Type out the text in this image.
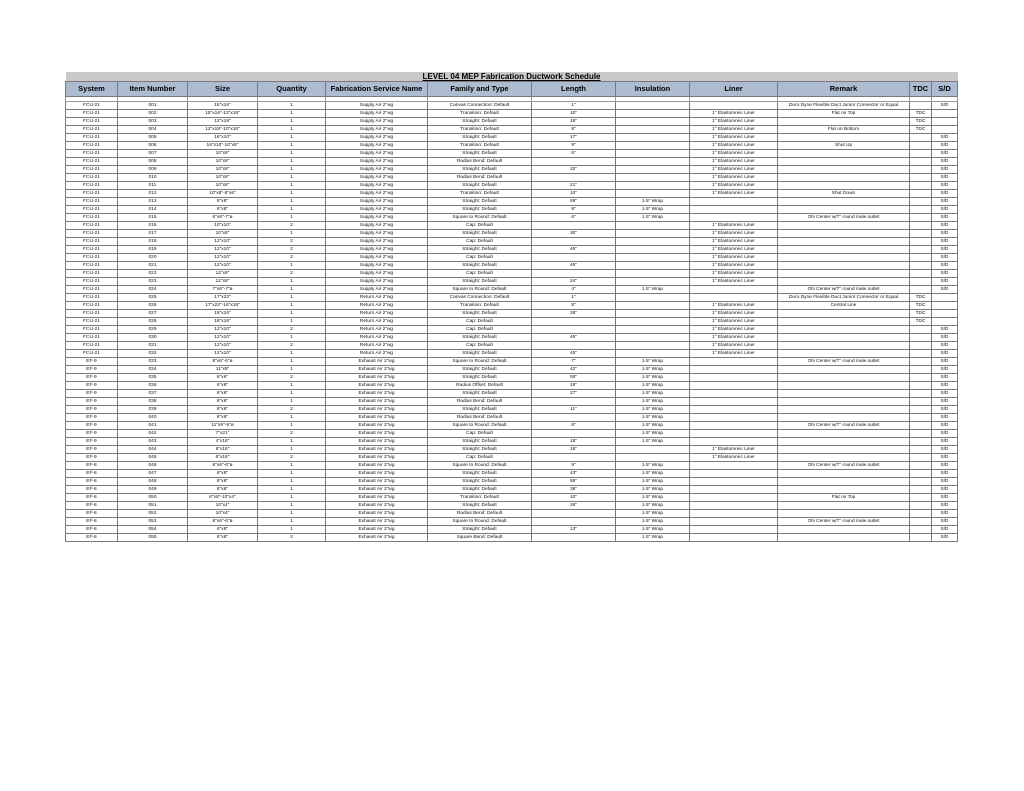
LEVEL 04 MEP Fabrication Ductwork Schedule											
System	Item Number	Size	Quantity	Fabrication Service Name	Family and Type	Length	Insulation	Liner	Remark	TDC	S/D

FCU-21	001	15"x16"	1	Supply Air 2"wg	Canvas Connection: Default	1"			Duro Dyne Flexible Duct Junior Connector or Equal		S/D
FCU-21	002	15"x16"-12"x18"	1	Supply Air 2"wg	Transition: Default	10"		1" Elastomreic Liner	Flat on Top	TDC	
FCU-21	003	12"x18"	1	Supply Air 2"wg	Straight: Default	16"		1" Elastomreic Liner		TDC	
FCU-21	004	12"x18"-10"x16"	1	Supply Air 2"wg	Transition: Default	8"		1" Elastomreic Liner	Flat on Bottom	TDC	
FCU-21	005	16"x10"	1	Supply Air 2"wg	Straight: Default	17"		1" Elastomreic Liner			S/D
FCU-21	006	16"x10"-10"x8"	1	Supply Air 2"wg	Transition: Default	9"		1" Elastomreic Liner	Shut Up		S/D
FCU-21	007	10"x8"	1	Supply Air 2"wg	Straight: Default	5"		1" Elastomreic Liner			S/D
FCU-21	008	10"x8"	1	Supply Air 2"wg	Radius Bend: Default			1" Elastomreic Liner			S/D
FCU-21	009	10"x8"	1	Supply Air 2"wg	Straight: Default	32"		1" Elastomreic Liner			S/D
FCU-21	010	10"x8"	1	Supply Air 2"wg	Radius Bend: Default			1" Elastomreic Liner			S/D
FCU-21	011	10"x8"	1	Supply Air 2"wg	Straight: Default	21"		1" Elastomreic Liner			S/D
FCU-21	012	10"x8"-8"x6"	1	Supply Air 2"wg	Transition: Default	10"		1" Elastomreic Liner	Shut Down		S/D
FCU-21	013	6"x8"	1	Supply Air 2"wg	Straight: Default	59"	1.5" Wrap				S/D
FCU-21	014	8"x8"	1	Supply Air 2"wg	Straight: Default	9"	1.5" Wrap				S/D
FCU-21	015	6"x8"-7"ø	1	Supply Air 2"wg	Square to Round: Default	6"	1.5" Wrap		ON Center w/7" round male outlet		S/D
FCU-21	016	10"x10"	2	Supply Air 2"wg	Cap: Default			1" Elastomreic Liner			S/D
FCU-21	017	10"x8"	1	Supply Air 2"wg	Straight: Default	30"		1" Elastomreic Liner			S/D
FCU-21	018	12"x10"	2	Supply Air 2"wg	Cap: Default			1" Elastomreic Liner			S/D
FCU-21	019	12"x10"	2	Supply Air 2"wg	Straight: Default	46"		1" Elastomreic Liner			S/D
FCU-21	020	12"x10"	2	Supply Air 2"wg	Cap: Default			1" Elastomreic Liner			S/D
FCU-21	021	12"x10"	1	Supply Air 2"wg	Straight: Default	46"		1" Elastomreic Liner			S/D
FCU-21	022	12"x8"	2	Supply Air 2"wg	Cap: Default			1" Elastomreic Liner			S/D
FCU-21	023	12"x8"	1	Supply Air 2"wg	Straight: Default	24"		1" Elastomreic Liner			S/D
FCU-21	024	7"x6"-7"ø	1	Supply Air 2"wg	Square to Round: Default	4"	1.5" Wrap		ON Center w/7" round male outlet		S/D
FCU-21	025	17"x22"	1	Return Air 2"wg	Canvas Connection: Default	1"			Duro Dyne Flexible Duct Junior Connector or Equal	TDC	
FCU-21	026	17"x22"-16"x18"	1	Return Air 2"wg	Transition: Default	8"		1" Elastomreic Liner	Central Line	TDC	
FCU-21	027	18"x16"	1	Return Air 2"wg	Straight: Default	35"		1" Elastomreic Liner		TDC	
FCU-21	028	18"x16"	1	Return Air 2"wg	Cap: Default			1" Elastomreic Liner		TDC	
FCU-21	029	12"x10"	2	Return Air 2"wg	Cap: Default			1" Elastomreic Liner			S/D
FCU-21	030	12"x10"	1	Return Air 2"wg	Straight: Default	46"		1" Elastomreic Liner			S/D
FCU-21	031	12"x10"	2	Return Air 2"wg	Cap: Default			1" Elastomreic Liner			S/D
FCU-21	032	12"x10"	1	Return Air 2"wg	Straight: Default	46"		1" Elastomreic Liner			S/D
EF-9	033	8"x6"-6"ø	1	Exhaust Air 2"wg	Square to Round: Default	7"	1.5" Wrap		ON Center w/7" round male outlet		S/D
EF-9	034	11"x9"	1	Exhaust Air 2"wg	Straight: Default	42"	1.5" Wrap				S/D
EF-9	035	8"x6"	2	Exhaust Air 2"wg	Straight: Default	59"	1.5" Wrap				S/D
EF-9	036	6"x8"	1	Exhaust Air 2"wg	Radius Offset: Default	19"	1.5" Wrap				S/D
EF-9	037	8"x6"	1	Exhaust Air 2"wg	Straight: Default	27"	1.5" Wrap				S/D
EF-9	038	8"x6"	1	Exhaust Air 2"wg	Radius Bend: Default		1.5" Wrap				S/D
EF-9	039	8"x6"	2	Exhaust Air 2"wg	Straight: Default	11"	1.5" Wrap				S/D
EF-9	040	8"x6"	1	Exhaust Air 2"wg	Radius Bend: Default		1.5" Wrap				S/D
EF-9	041	11"x9"-9"ø	1	Exhaust Air 2"wg	Square to Round: Default	8"	1.5" Wrap		ON Center w/7" round male outlet		S/D
EF-9	042	7"x21"	2	Exhaust Air 2"wg	Cap: Default		1.5" Wrap				S/D
EF-9	043	4"x18"	1	Exhaust Air 2"wg	Straight: Default	18"	1.5" Wrap				S/D
EF-9	044	6"x16"	1	Exhaust Air 2"wg	Straight: Default	18"		1" Elastomreic Liner			S/D
EF-9	045	6"x16"	2	Exhaust Air 2"wg	Cap: Default			1" Elastomreic Liner			S/D
EF-8	046	8"x6"-6"ø	1	Exhaust Air 2"wg	Square to Round: Default	9"	1.5" Wrap		ON Center w/7" round male outlet		S/D
EF-8	047	8"x8"	1	Exhaust Air 2"wg	Straight: Default	43"	1.5" Wrap				S/D
EF-8	048	8"x8"	1	Exhaust Air 2"wg	Straight: Default	59"	1.5" Wrap				S/D
EF-8	049	8"x6"	1	Exhaust Air 2"wg	Straight: Default	36"	1.5" Wrap				S/D
EF-8	050	6"x8"-10"x4"	1	Exhaust Air 2"wg	Transition: Default	10"	1.5" Wrap		Flat on Top		S/D
EF-8	051	10"x4"	1	Exhaust Air 2"wg	Straight: Default	26"	1.5" Wrap				S/D
EF-8	052	10"x4"	1	Exhaust Air 2"wg	Radius Bend: Default		1.5" Wrap				S/D
EF-8	053	8"x6"-6"ø	1	Exhaust Air 2"wg	Square to Round: Default		1.5" Wrap		ON Center w/7" round male outlet		S/D
EF-8	054	6"x8"	1	Exhaust Air 2"wg	Straight: Default	13"	1.5" Wrap				S/D
EF-8	055	6"x8"	2	Exhaust Air 2"wg	Square Bend: Default		1.5" Wrap				S/D
